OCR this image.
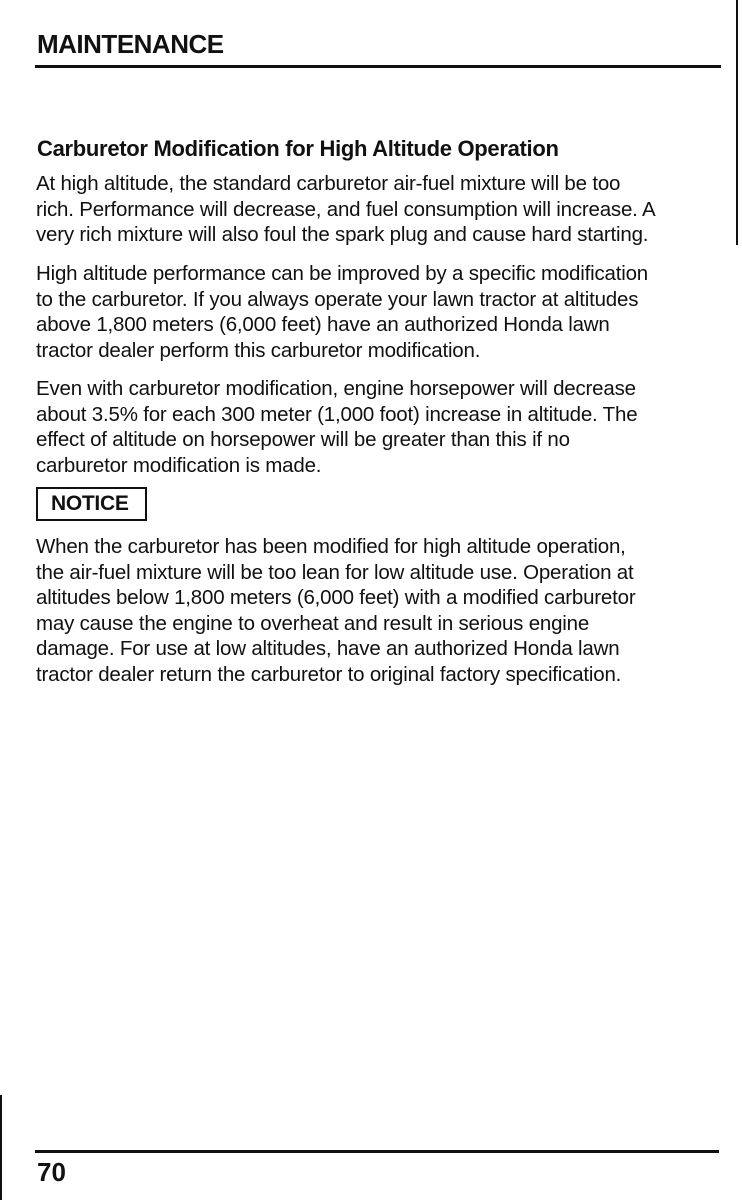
MAINTENANCE
Carburetor Modification for High Altitude Operation

At high altitude, the standard carburetor air-fuel mixture will be too
rich. Performance will decrease, and fuel consumption will increase. A
very rich mixture will also foul the spark plug and cause hard starting.

High altitude performance can be improved by a specific modification
to the carburetor. If you always operate your lawn tractor at altitudes
above 1,800 meters (6,000 feet) have an authorized Honda lawn
tractor dealer perform this carburetor modification.

Even with carburetor modification, engine horsepower will decrease
about 3.5% for each 300 meter (1,000 foot) increase in altitude. The
effect of altitude on horsepower will be greater than this if no
carburetor modification is made.

NOTICE

When the carburetor has been modified for high altitude operation,
the air-fuel mixture will be too lean for low altitude use. Operation at
altitudes below 1,800 meters (6,000 feet) with a modified carburetor
may cause the engine to overheat and result in serious engine
damage. For use at low altitudes, have an authorized Honda lawn
tractor dealer return the carburetor to original factory specification.

70
